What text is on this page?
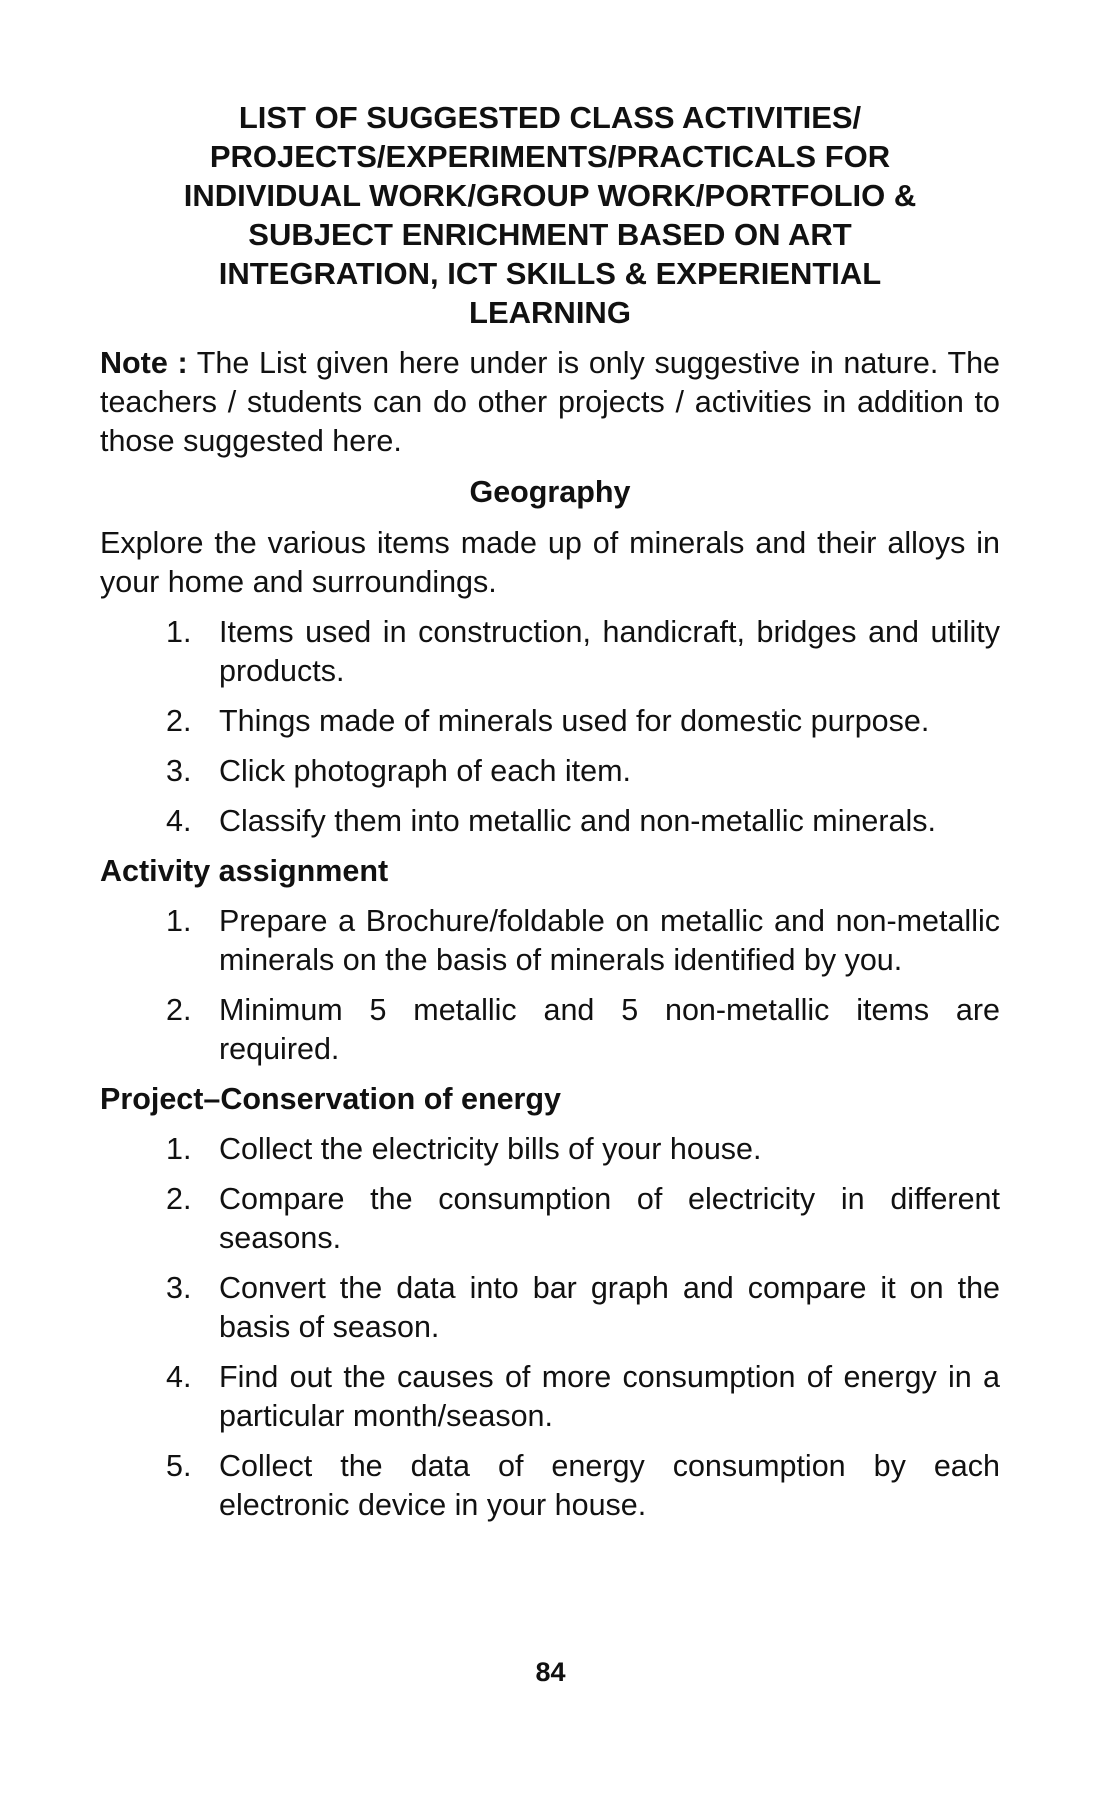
LIST OF SUGGESTED CLASS ACTIVITIES/
PROJECTS/EXPERIMENTS/PRACTICALS FOR
INDIVIDUAL WORK/GROUP WORK/PORTFOLIO &
SUBJECT ENRICHMENT BASED ON ART
INTEGRATION, ICT SKILLS & EXPERIENTIAL
LEARNING

Note : The List given here under is only suggestive in nature. The teachers / students can do other projects / activities in addition to those suggested here.

Geography

Explore the various items made up of minerals and their alloys in your home and surroundings.

1. Items used in construction, handicraft, bridges and utility products.
2. Things made of minerals used for domestic purpose.
3. Click photograph of each item.
4. Classify them into metallic and non-metallic minerals.
Activity assignment
1. Prepare a Brochure/foldable on metallic and non-metallic minerals on the basis of minerals identified by you.
2. Minimum 5 metallic and 5 non-metallic items are required.
Project–Conservation of energy
1. Collect the electricity bills of your house.
2. Compare the consumption of electricity in different seasons.
3. Convert the data into bar graph and compare it on the basis of season.
4. Find out the causes of more consumption of energy in a particular month/season.
5. Collect the data of energy consumption by each electronic device in your house.
84
